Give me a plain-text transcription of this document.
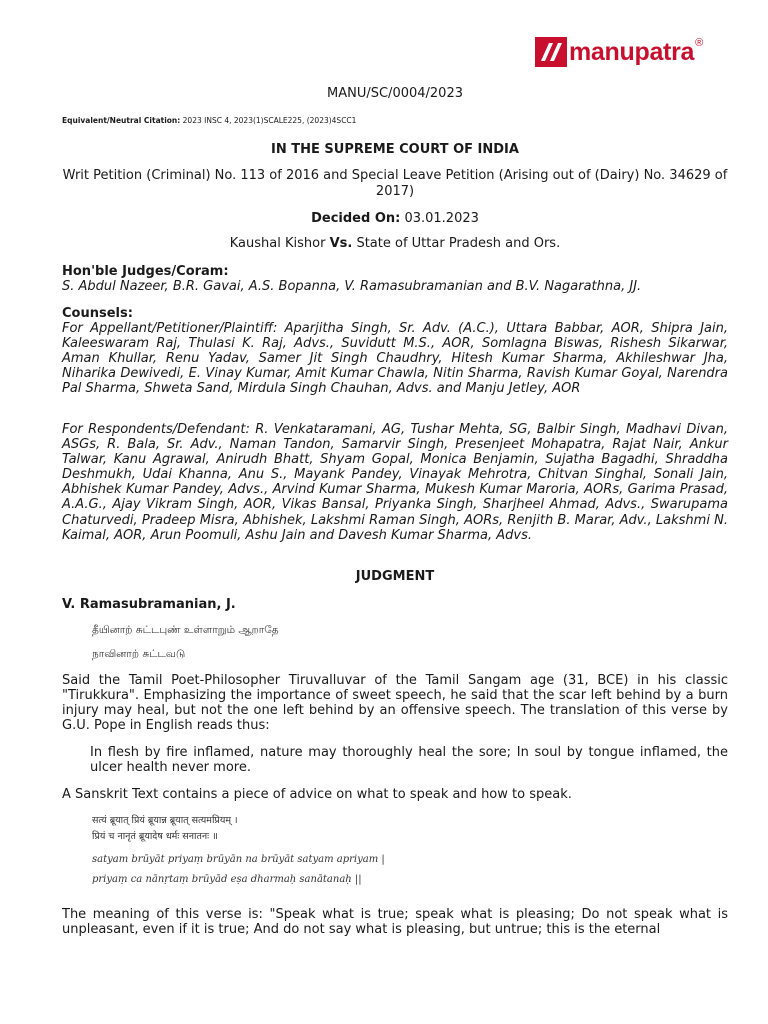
manupatra ®
MANU/SC/0004/2023
Equivalent/Neutral Citation: 2023 INSC 4, 2023(1)SCALE225, (2023)4SCC1
IN THE SUPREME COURT OF INDIA
Writ Petition (Criminal) No. 113 of 2016 and Special Leave Petition (Arising out of (Dairy) No. 34629 of 2017)
Decided On: 03.01.2023
Kaushal Kishor Vs. State of Uttar Pradesh and Ors.
Hon'ble Judges/Coram:
S. Abdul Nazeer, B.R. Gavai, A.S. Bopanna, V. Ramasubramanian and B.V. Nagarathna, JJ.
Counsels:
For Appellant/Petitioner/Plaintiff: Aparjitha Singh, Sr. Adv. (A.C.), Uttara Babbar, AOR, Shipra Jain, Kaleeswaram Raj, Thulasi K. Raj, Advs., Suvidutt M.S., AOR, Somlagna Biswas, Rishesh Sikarwar, Aman Khullar, Renu Yadav, Samer Jit Singh Chaudhry, Hitesh Kumar Sharma, Akhileshwar Jha, Niharika Dewivedi, E. Vinay Kumar, Amit Kumar Chawla, Nitin Sharma, Ravish Kumar Goyal, Narendra Pal Sharma, Shweta Sand, Mirdula Singh Chauhan, Advs. and Manju Jetley, AOR
For Respondents/Defendant: R. Venkataramani, AG, Tushar Mehta, SG, Balbir Singh, Madhavi Divan, ASGs, R. Bala, Sr. Adv., Naman Tandon, Samarvir Singh, Presenjeet Mohapatra, Rajat Nair, Ankur Talwar, Kanu Agrawal, Anirudh Bhatt, Shyam Gopal, Monica Benjamin, Sujatha Bagadhi, Shraddha Deshmukh, Udai Khanna, Anu S., Mayank Pandey, Vinayak Mehrotra, Chitvan Singhal, Sonali Jain, Abhishek Kumar Pandey, Advs., Arvind Kumar Sharma, Mukesh Kumar Maroria, AORs, Garima Prasad, A.A.G., Ajay Vikram Singh, AOR, Vikas Bansal, Priyanka Singh, Sharjheel Ahmad, Advs., Swarupama Chaturvedi, Pradeep Misra, Abhishek, Lakshmi Raman Singh, AORs, Renjith B. Marar, Adv., Lakshmi N. Kaimal, AOR, Arun Poomuli, Ashu Jain and Davesh Kumar Sharma, Advs.
JUDGMENT
V. Ramasubramanian, J.
தீயினாற் சுட்டபுண் உள்ளாறும் ஆறாதே
நாவினாற் சுட்டவடு
Said the Tamil Poet-Philosopher Tiruvalluvar of the Tamil Sangam age (31, BCE) in his classic "Tirukkura". Emphasizing the importance of sweet speech, he said that the scar left behind by a burn injury may heal, but not the one left behind by an offensive speech. The translation of this verse by G.U. Pope in English reads thus:
In flesh by fire inflamed, nature may thoroughly heal the sore; In soul by tongue inflamed, the ulcer health never more.
A Sanskrit Text contains a piece of advice on what to speak and how to speak.
सत्यं ब्रूयात् प्रियं ब्रूयान्न ब्रूयात् सत्यमप्रियम् ।
प्रियं च नानृतं ब्रूयादेष धर्मः सनातनः ॥
satyam brūyāt priyaṃ brūyān na brūyāt satyam apriyam |
priyaṃ ca nānṛtaṃ brūyād eṣa dharmaḥ sanātanaḥ ||
The meaning of this verse is: "Speak what is true; speak what is pleasing; Do not speak what is unpleasant, even if it is true; And do not say what is pleasing, but untrue; this is the eternal
